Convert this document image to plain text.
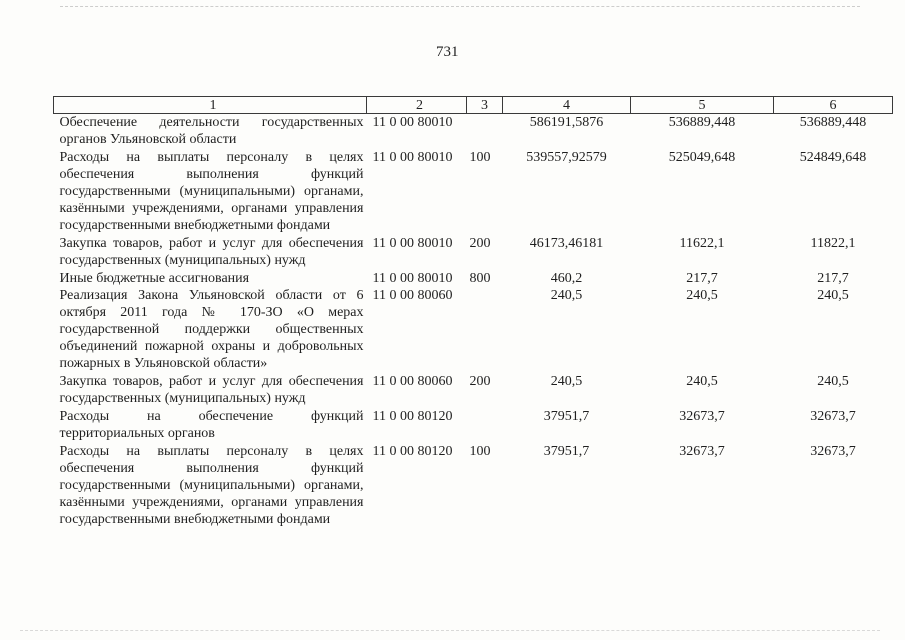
731
1	2	3	4	5	6
Обеспечение деятельности государственных органов Ульяновской области	11 0 00 80010		586191,5876	536889,448	536889,448
Расходы на выплаты персоналу в целях обеспечения выполнения функций государственными (муниципальными) органами, казёнными учреждениями, органами управления государственными внебюджетными фондами	11 0 00 80010	100	539557,92579	525049,648	524849,648
Закупка товаров, работ и услуг для обеспечения государственных (муниципальных) нужд	11 0 00 80010	200	46173,46181	11622,1	11822,1
Иные бюджетные ассигнования	11 0 00 80010	800	460,2	217,7	217,7
Реализация Закона Ульяновской области от 6 октября 2011 года № 170-ЗО «О мерах государственной поддержки общественных объединений пожарной охраны и добровольных пожарных в Ульяновской области»	11 0 00 80060		240,5	240,5	240,5
Закупка товаров, работ и услуг для обеспечения государственных (муниципальных) нужд	11 0 00 80060	200	240,5	240,5	240,5
Расходы на обеспечение функций территориальных органов	11 0 00 80120		37951,7	32673,7	32673,7
Расходы на выплаты персоналу в целях обеспечения выполнения функций государственными (муниципальными) органами, казёнными учреждениями, органами управления государственными внебюджетными фондами	11 0 00 80120	100	37951,7	32673,7	32673,7
